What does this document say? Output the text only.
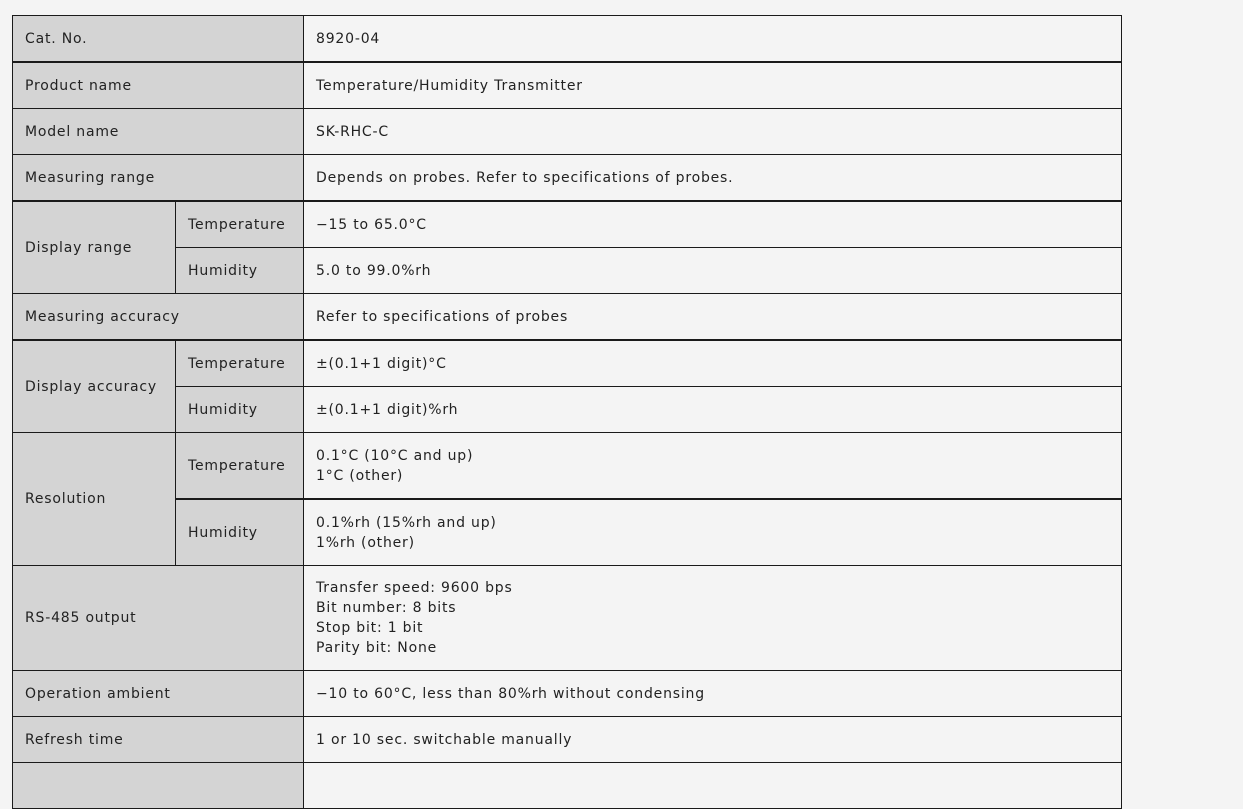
Cat. No.		8920-04
Product name		Temperature/Humidity Transmitter
Model name		SK-RHC-C
Measuring range		Depends on probes. Refer to specifications of probes.
Display range	Temperature	−15 to 65.0°C
	Humidity	5.0 to 99.0%rh
Measuring accuracy		Refer to specifications of probes
Display accuracy	Temperature	±(0.1+1 digit)°C
	Humidity	±(0.1+1 digit)%rh
Resolution	Temperature	0.1°C (10°C and up)
1°C (other)

	Humidity	0.1%rh (15%rh and up)
1%rh (other)

RS-485 output		Transfer speed: 9600 bps
Bit number: 8 bits
Stop bit: 1 bit
Parity bit: None

Operation ambient		−10 to 60°C, less than 80%rh without condensing
Refresh time		1 or 10 sec. switchable manually
